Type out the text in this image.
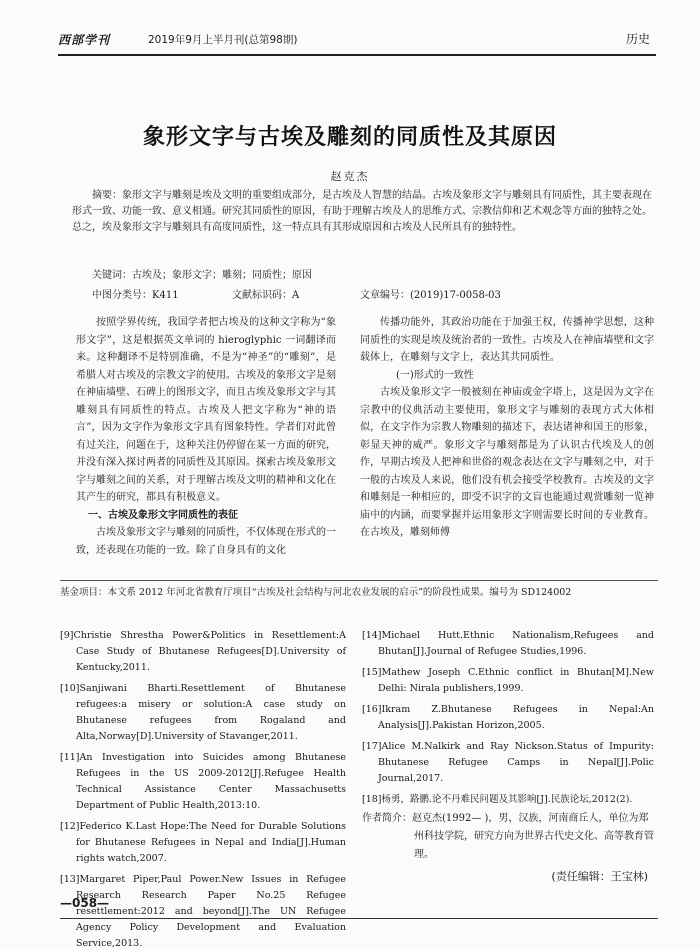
西部学刊	2019年9月上半月刊(总第98期)	历史
象形文字与古埃及雕刻的同质性及其原因
赵克杰

摘要：象形文字与雕刻是埃及文明的重要组成部分，是古埃及人智慧的结晶。古埃及象形文字与雕刻具有同质性，其主要表现在形式一致、功能一致、意义相通。研究其同质性的原因，有助于理解古埃及人的思维方式、宗教信仰和艺术观念等方面的独特之处。总之，埃及象形文字与雕刻具有高度同质性，这一特点具有其形成原因和古埃及人民所具有的独特性。

关键词：古埃及；象形文字；雕刻；同质性；原因
中图分类号：K411	文献标识码：A	文章编号：(2019)17-0058-03

按照学界传统，我国学者把古埃及的这种文字称为“象形文字”，这是根据英文单词的 hieroglyphic 一词翻译而来。这种翻译不是特别准确，不是为“神圣”的“雕刻”，是希腊人对古埃及的宗教文字的使用。古埃及的象形文字是刻在神庙墙壁、石碑上的图形文字，而且古埃及象形文字与其雕刻具有同质性的特点。古埃及人把文字称为“神的语言”，因为文字作为象形文字具有图象特性。学者们对此曾有过关注，问题在于，这种关注仍停留在某一方面的研究，并没有深入探讨两者的同质性及其原因。探索古埃及象形文字与雕刻之间的关系，对于理解古埃及文明的精神和文化在其产生的研究，都具有积极意义。

一、古埃及象形文字同质性的表征

古埃及象形文字与雕刻的同质性，不仅体现在形式的一致，还表现在功能的一致。除了自身具有的文化

传播功能外，其政治功能在于加强王权，传播神学思想，这种同质性的实现是埃及统治者的一致性。古埃及人在神庙墙壁和文字载体上，在雕刻与文字上，表达其共同质性。

(一)形式的一致性

古埃及象形文字一般被刻在神庙或金字塔上，这是因为文字在宗教中的仪典活动主要使用，象形文字与雕刻的表现方式大体相似，在文字作为宗教人物雕刻的描述下，表达诸神和国王的形象，彰显天神的威严。象形文字与雕刻都是为了认识古代埃及人的创作，早期古埃及人把神和世俗的观念表达在文字与雕刻之中，对于一般的古埃及人来说，他们没有机会接受学校教育。古埃及的文字和雕刻是一种相应的，即受不识字的文盲也能通过观赏雕刻一览神庙中的内涵，而要掌握并运用象形文字则需要长时间的专业教育。在古埃及，雕刻师傅

基金项目：本文系 2012 年河北省教育厅项目“古埃及社会结构与河北农业发展的启示”的阶段性成果。编号为 SD124002

[9]Christie Shrestha Power&Politics in Resettlement:A Case Study of Bhutanese Refugees[D].University of Kentucky,2011.

[10]Sanjiwani Bharti.Resettlement of Bhutanese refugees:a misery or solution:A case study on Bhutanese refugees from Rogaland and Alta,Norway[D].University of Stavanger,2011.

[11]An Investigation into Suicides among Bhutanese Refugees in the US 2009-2012[J].Refugee Health Technical Assistance Center Massachusetts Department of Public Health,2013:10.

[12]Federico K.Last Hope:The Need for Durable Solutions for Bhutanese Refugees in Nepal and India[J].Human rights watch,2007.

[13]Margaret Piper,Paul Power.New Issues in Refugee Research Research Paper No.25 Refugee resettlement:2012 and beyond[J].The UN Refugee Agency Policy Development and Evaluation Service,2013.

[14]Michael Hutt.Ethnic Nationalism,Refugees and Bhutan[J].Journal of Refugee Studies,1996.

[15]Mathew Joseph C.Ethnic conflict in Bhutan[M].New Delhi: Nirala publishers,1999.

[16]Ikram Z.Bhutanese Refugees in Nepal:An Analysis[J].Pakistan Horizon,2005.

[17]Alice M.Nalkirk and Ray Nickson.Status of Impurity: Bhutanese Refugee Camps in Nepal[J].Polic Journal,2017.

[18]杨勇，路鹏.论不丹难民问题及其影响[J].民族论坛,2012(2).

作者简介：赵克杰(1992— )，男，汉族，河南商丘人，单位为郑州科技学院，研究方向为世界古代史文化、高等教育管理。

(责任编辑：王宝林)
—058—
